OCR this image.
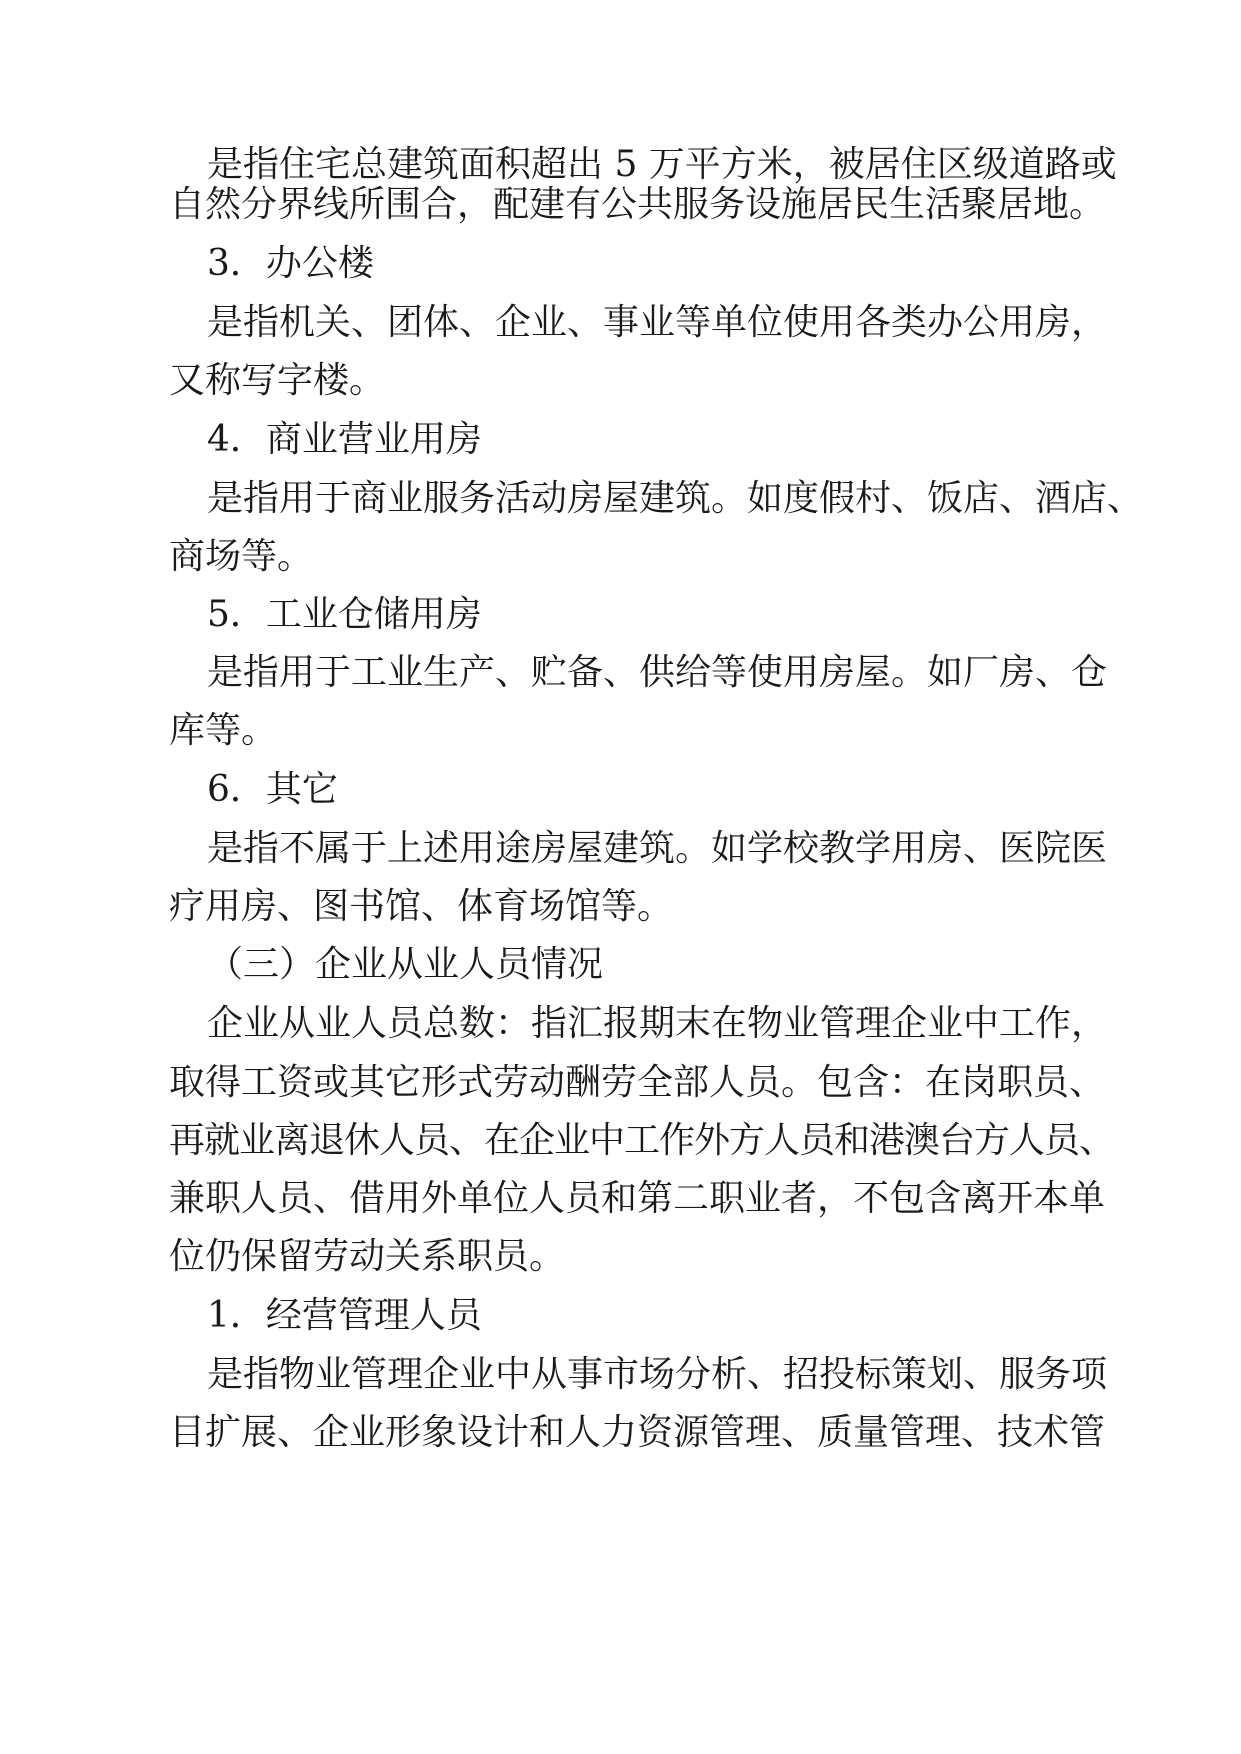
是指住宅总建筑面积超出 5 万平方米，被居住区级道路或
自然分界线所围合，配建有公共服务设施居民生活聚居地。
3．办公楼
是指机关、团体、企业、事业等单位使用各类办公用房，
又称写字楼。
4．商业营业用房
是指用于商业服务活动房屋建筑。如度假村、饭店、酒店、
商场等。
5．工业仓储用房
是指用于工业生产、贮备、供给等使用房屋。如厂房、仓
库等。
6．其它
是指不属于上述用途房屋建筑。如学校教学用房、医院医
疗用房、图书馆、体育场馆等。
（三）企业从业人员情况
企业从业人员总数：指汇报期末在物业管理企业中工作，
取得工资或其它形式劳动酬劳全部人员。包含：在岗职员、
再就业离退休人员、在企业中工作外方人员和港澳台方人员、
兼职人员、借用外单位人员和第二职业者，不包含离开本单
位仍保留劳动关系职员。
1．经营管理人员
是指物业管理企业中从事市场分析、招投标策划、服务项
目扩展、企业形象设计和人力资源管理、质量管理、技术管
